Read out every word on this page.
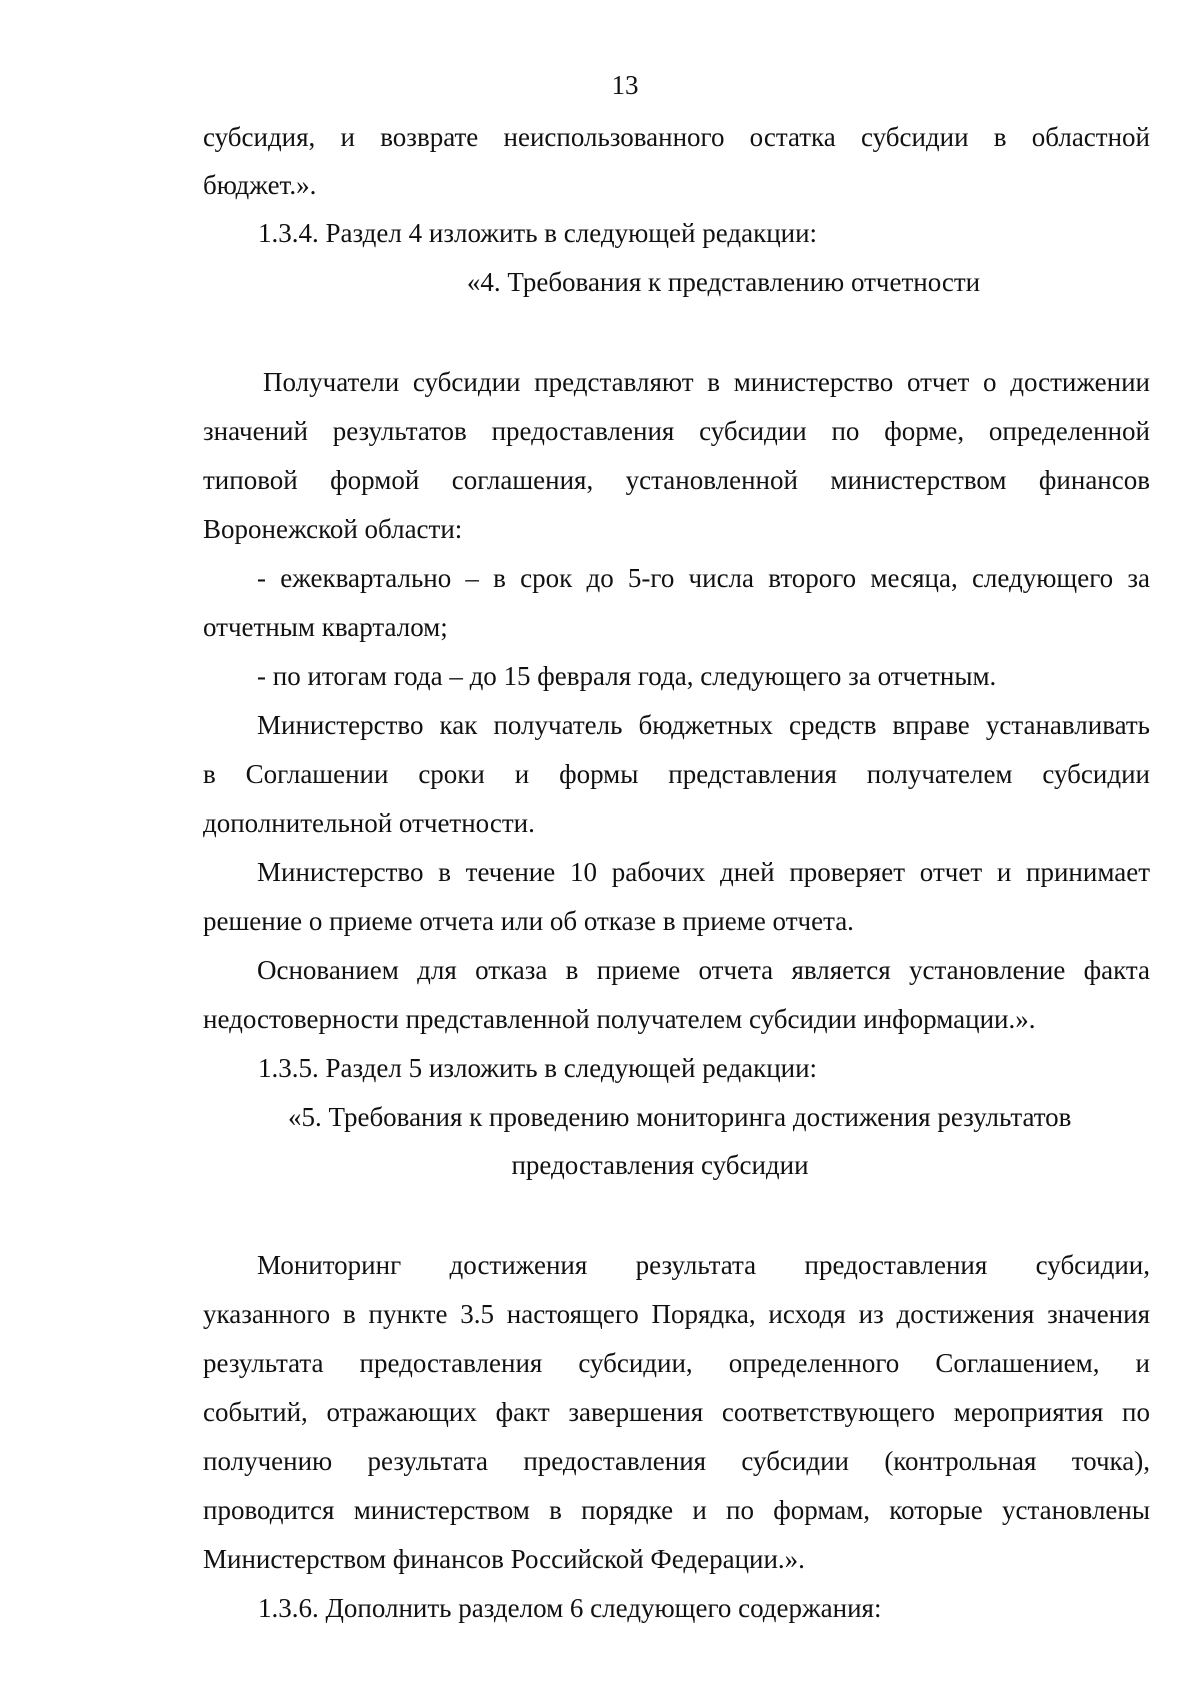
13
субсидия, и возврате неиспользованного остатка субсидии в областной
бюджет.».
1.3.4. Раздел 4 изложить в следующей редакции:
«4. Требования к представлению отчетности
Получатели субсидии представляют в министерство отчет о достижении
значений результатов предоставления субсидии по форме, определенной
типовой формой соглашения, установленной министерством финансов
Воронежской области:
- ежеквартально – в срок до 5-го числа второго месяца, следующего за
отчетным кварталом;
- по итогам года – до 15 февраля года, следующего за отчетным.
Министерство как получатель бюджетных средств вправе устанавливать
в Соглашении сроки и формы представления получателем субсидии
дополнительной отчетности.
Министерство в течение 10 рабочих дней проверяет отчет и принимает
решение о приеме отчета или об отказе в приеме отчета.
Основанием для отказа в приеме отчета является установление факта
недостоверности представленной получателем субсидии информации.».
1.3.5. Раздел 5 изложить в следующей редакции:
«5. Требования к проведению мониторинга достижения результатов
предоставления субсидии
Мониторинг достижения результата предоставления субсидии,
указанного в пункте 3.5 настоящего Порядка, исходя из достижения значения
результата предоставления субсидии, определенного Соглашением, и
событий, отражающих факт завершения соответствующего мероприятия по
получению результата предоставления субсидии (контрольная точка),
проводится министерством в порядке и по формам, которые установлены
Министерством финансов Российской Федерации.».
1.3.6. Дополнить разделом 6 следующего содержания:
